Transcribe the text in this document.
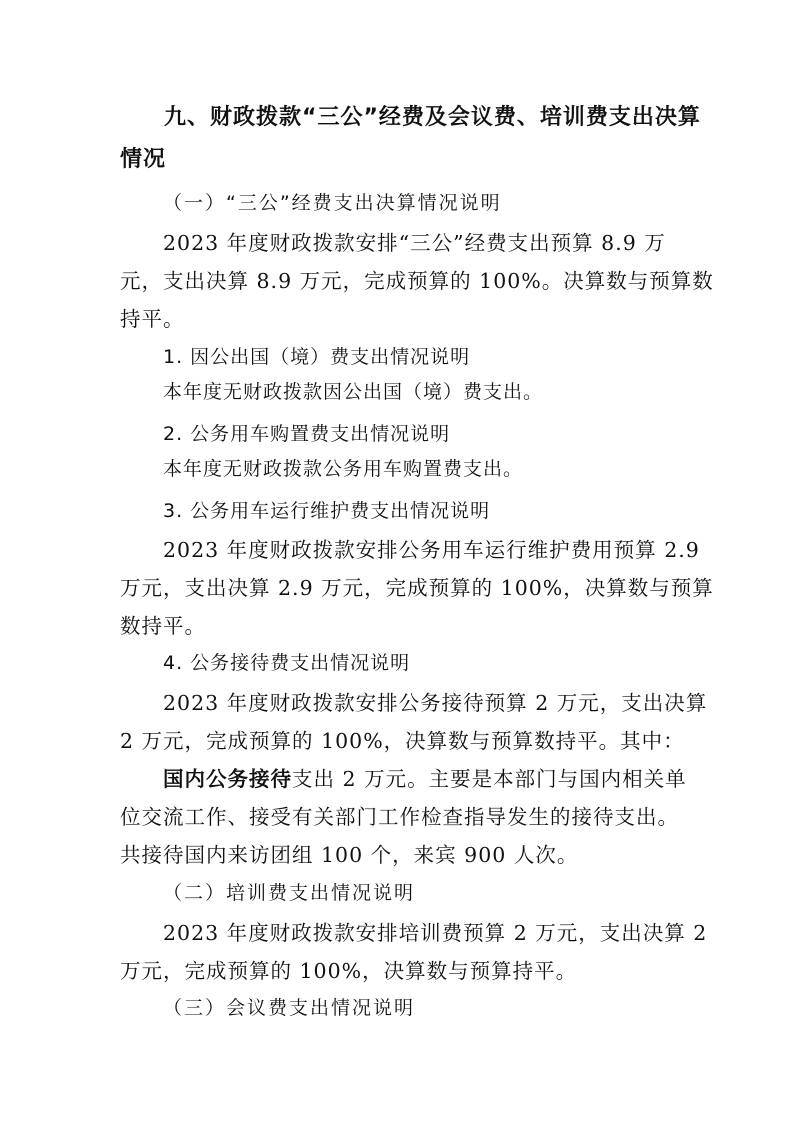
九、财政拨款“三公”经费及会议费、培训费支出决算
情况
（一）“三公”经费支出决算情况说明
2023 年度财政拨款安排“三公”经费支出预算 8.9 万
元，支出决算 8.9 万元，完成预算的 100%。决算数与预算数
持平。
1. 因公出国（境）费支出情况说明
本年度无财政拨款因公出国（境）费支出。
2. 公务用车购置费支出情况说明
本年度无财政拨款公务用车购置费支出。
3. 公务用车运行维护费支出情况说明
2023 年度财政拨款安排公务用车运行维护费用预算 2.9
万元，支出决算 2.9 万元，完成预算的 100%，决算数与预算
数持平。
4. 公务接待费支出情况说明
2023 年度财政拨款安排公务接待预算 2 万元，支出决算
2 万元，完成预算的 100%，决算数与预算数持平。其中：
国内公务接待支出 2 万元。主要是本部门与国内相关单
位交流工作、接受有关部门工作检查指导发生的接待支出。
共接待国内来访团组 100 个，来宾 900 人次。
（二）培训费支出情况说明
2023 年度财政拨款安排培训费预算 2 万元，支出决算 2
万元，完成预算的 100%，决算数与预算持平。
（三）会议费支出情况说明
